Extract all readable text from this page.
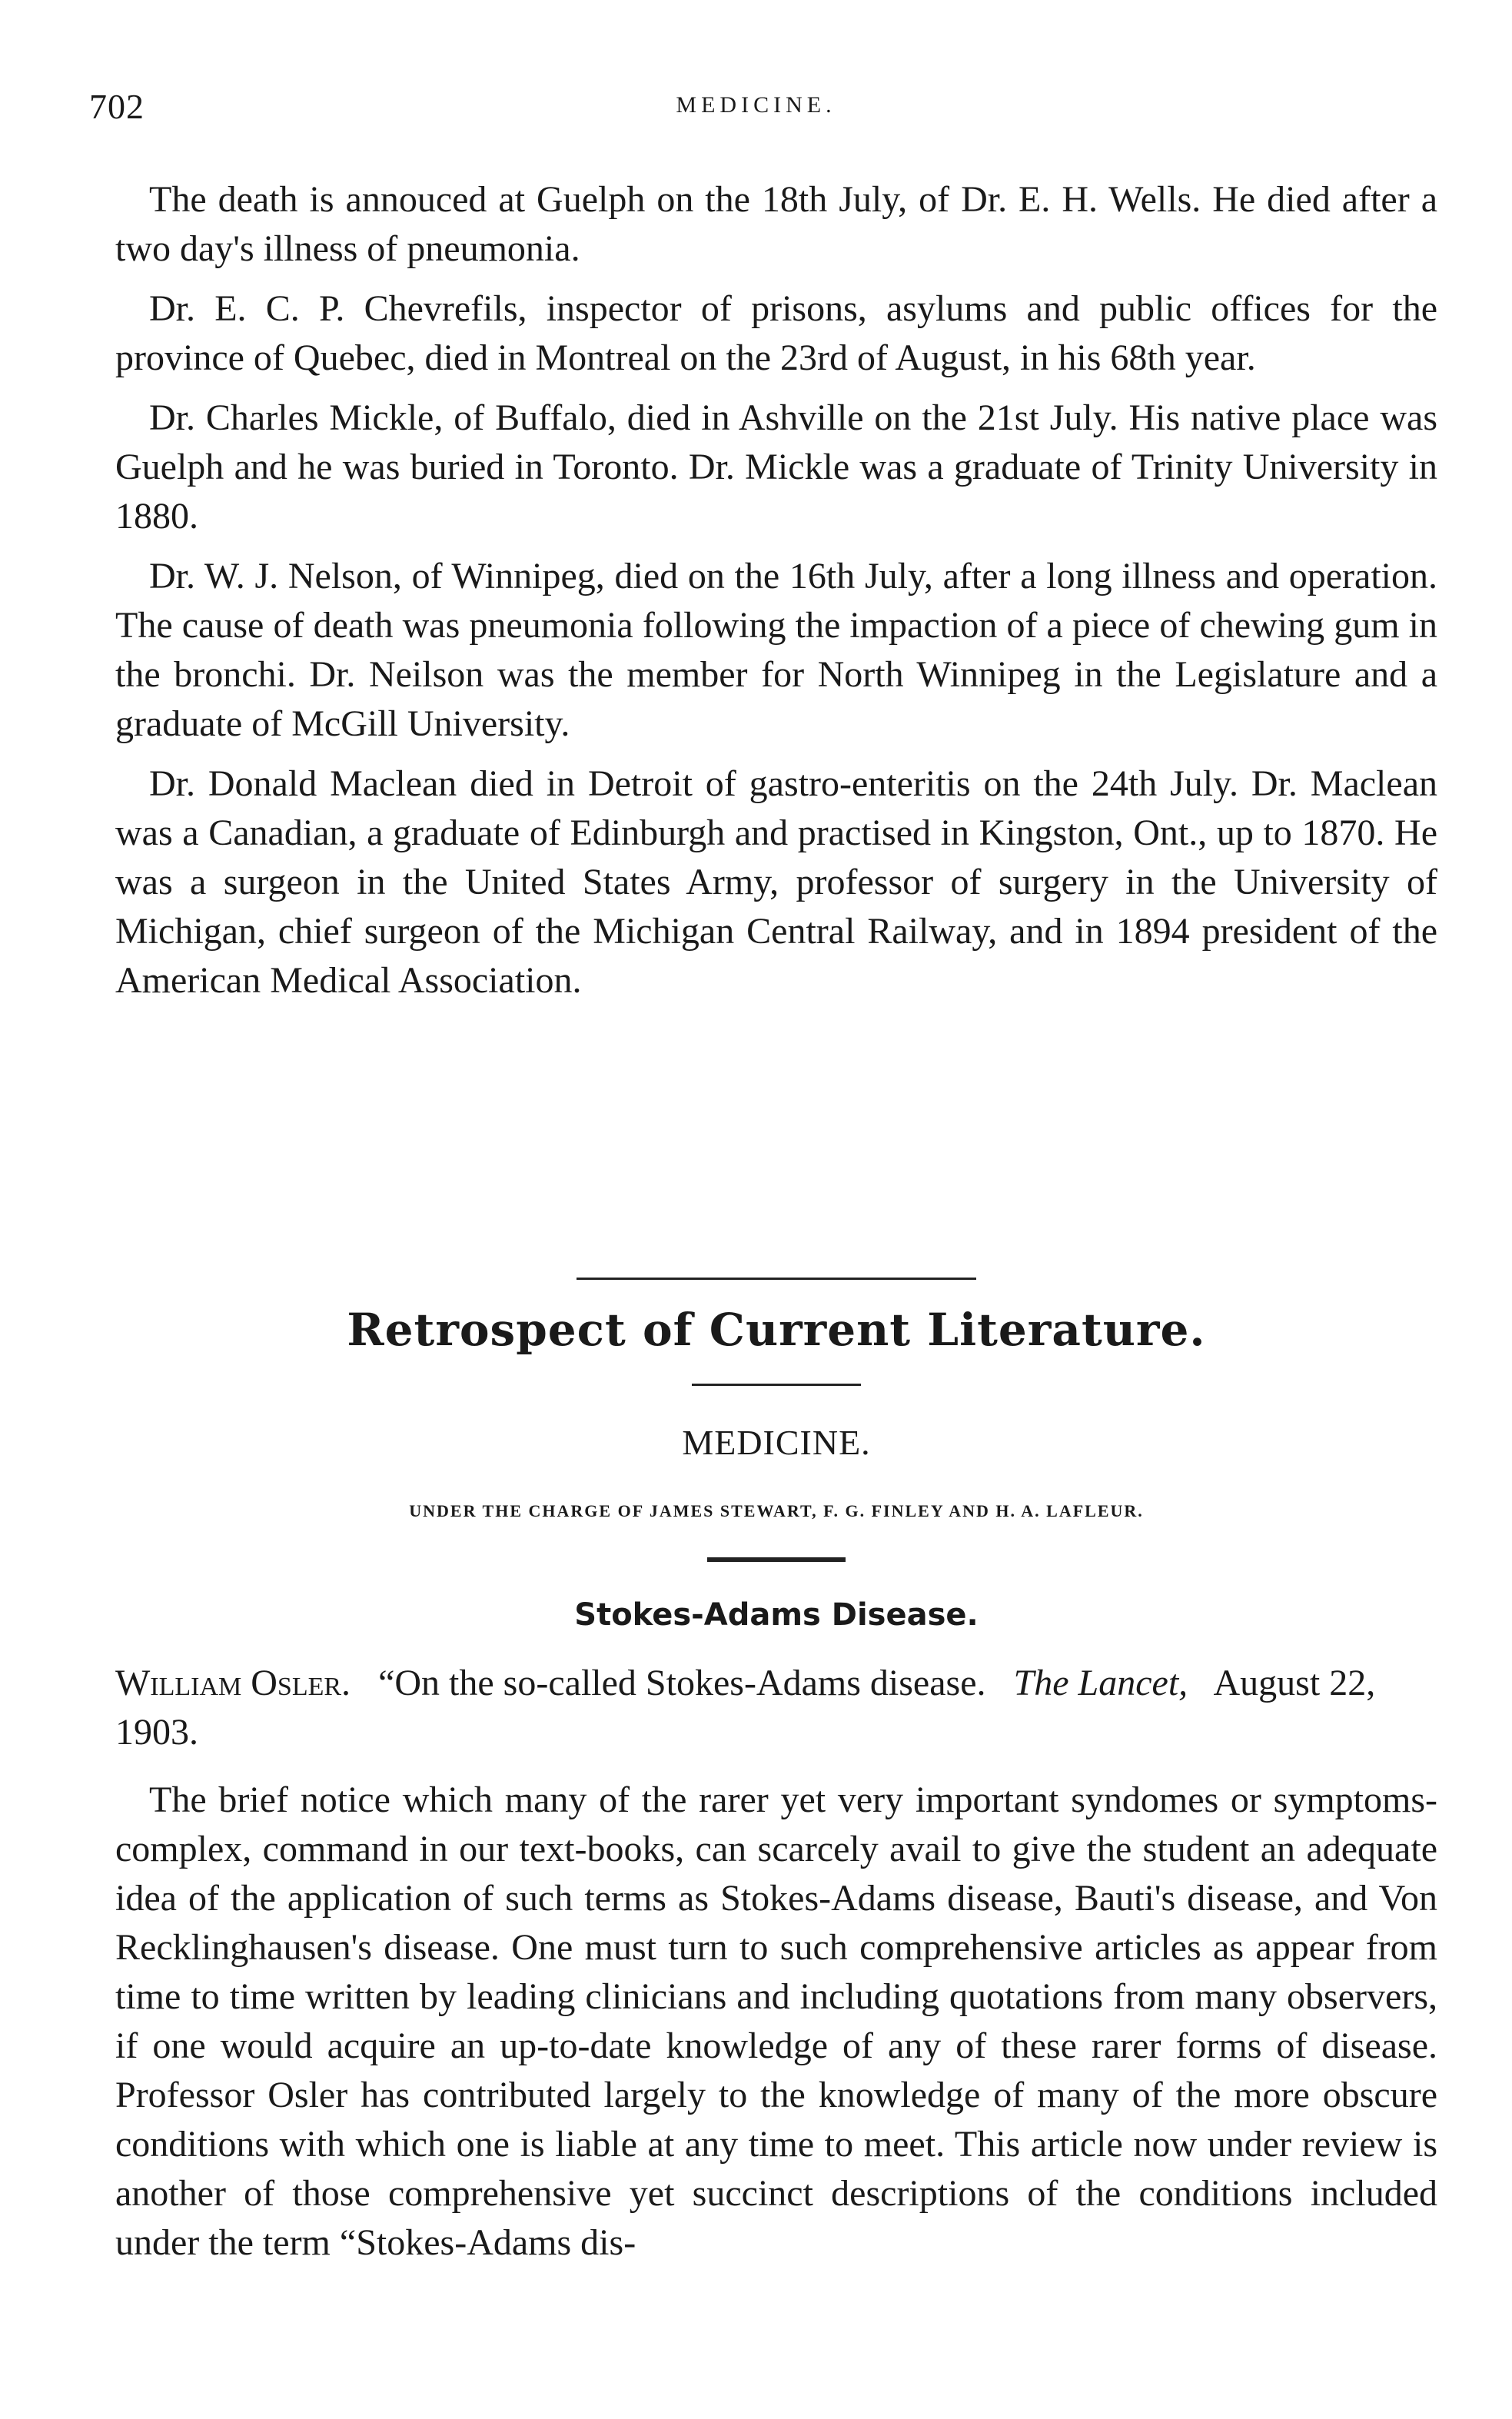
702	MEDICINE.

The death is annouced at Guelph on the 18th July, of Dr. E. H. Wells. He died after a two day's illness of pneumonia.

Dr. E. C. P. Chevrefils, inspector of prisons, asylums and public offices for the province of Quebec, died in Montreal on the 23rd of August, in his 68th year.

Dr. Charles Mickle, of Buffalo, died in Ashville on the 21st July. His native place was Guelph and he was buried in Toronto. Dr. Mickle was a graduate of Trinity University in 1880.

Dr. W. J. Nelson, of Winnipeg, died on the 16th July, after a long illness and operation. The cause of death was pneumonia following the impaction of a piece of chewing gum in the bronchi. Dr. Neilson was the member for North Winnipeg in the Legislature and a graduate of McGill University.

Dr. Donald Maclean died in Detroit of gastro-enteritis on the 24th July. Dr. Maclean was a Canadian, a graduate of Edinburgh and practised in Kingston, Ont., up to 1870. He was a surgeon in the United States Army, professor of surgery in the University of Michigan, chief surgeon of the Michigan Central Railway, and in 1894 president of the American Medical Association.

Retrospect of Current Literature.
MEDICINE.
UNDER THE CHARGE OF JAMES STEWART, F. G. FINLEY AND H. A. LAFLEUR.
Stokes-Adams Disease.
William Osler. “On the so-called Stokes-Adams disease. The Lancet, August 22, 1903.

The brief notice which many of the rarer yet very important syndomes or symptoms-complex, command in our text-books, can scarcely avail to give the student an adequate idea of the application of such terms as Stokes-Adams disease, Bauti's disease, and Von Recklinghausen's disease. One must turn to such comprehensive articles as appear from time to time written by leading clinicians and including quotations from many observers, if one would acquire an up-to-date knowledge of any of these rarer forms of disease. Professor Osler has contributed largely to the knowledge of many of the more obscure conditions with which one is liable at any time to meet. This article now under review is another of those comprehensive yet succinct descriptions of the conditions included under the term “Stokes-Adams dis-
